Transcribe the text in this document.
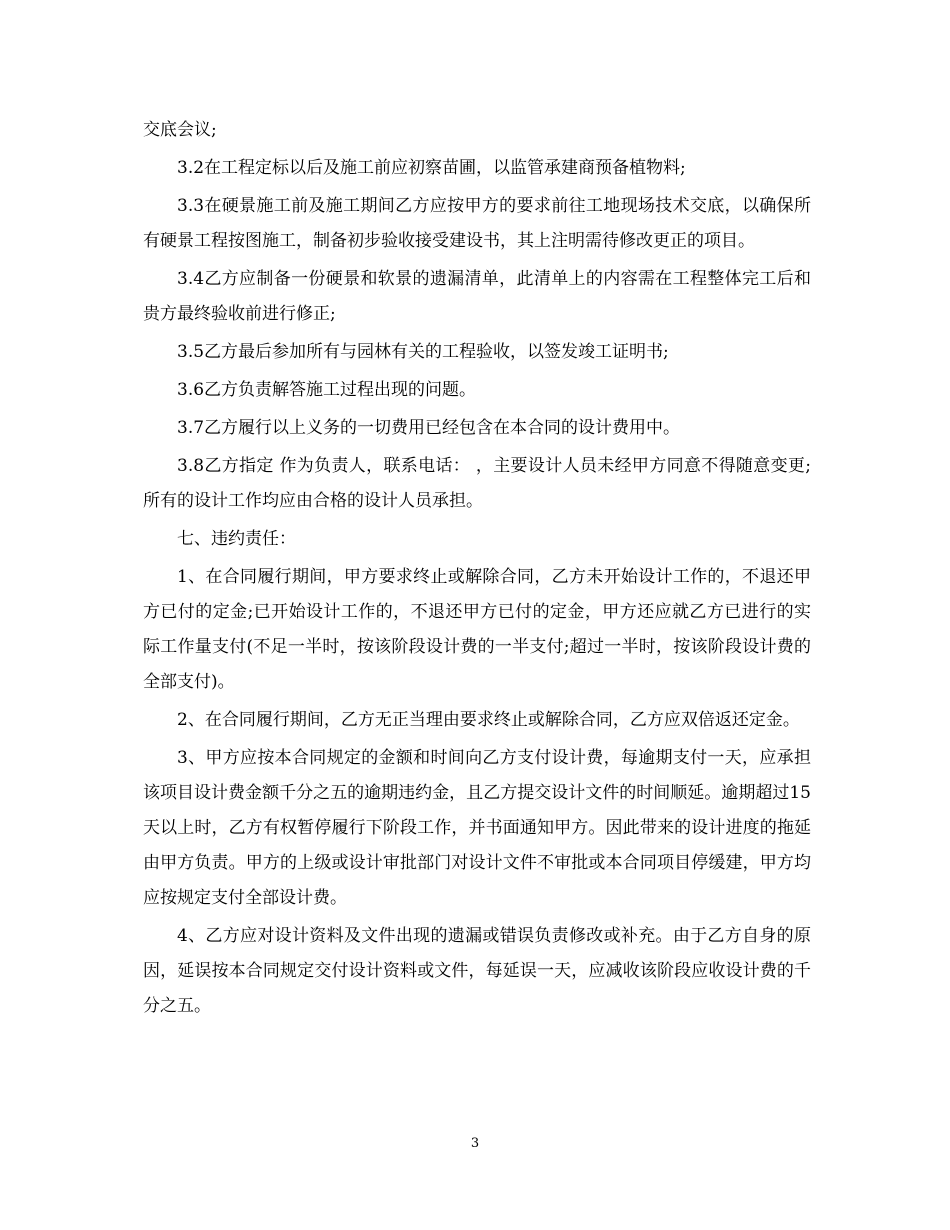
交底会议;

3.2在工程定标以后及施工前应初察苗圃，以监管承建商预备植物料;

3.3在硬景施工前及施工期间乙方应按甲方的要求前往工地现场技术交底，以确保所有硬景工程按图施工，制备初步验收接受建设书，其上注明需待修改更正的项目。

3.4乙方应制备一份硬景和软景的遗漏清单，此清单上的内容需在工程整体完工后和贵方最终验收前进行修正;

3.5乙方最后参加所有与园林有关的工程验收，以签发竣工证明书;

3.6乙方负责解答施工过程出现的问题。

3.7乙方履行以上义务的一切费用已经包含在本合同的设计费用中。

3.8乙方指定 作为负责人，联系电话： ，主要设计人员未经甲方同意不得随意变更;所有的设计工作均应由合格的设计人员承担。

七、违约责任：

1、在合同履行期间，甲方要求终止或解除合同，乙方未开始设计工作的，不退还甲方已付的定金;已开始设计工作的，不退还甲方已付的定金，甲方还应就乙方已进行的实际工作量支付(不足一半时，按该阶段设计费的一半支付;超过一半时，按该阶段设计费的全部支付)。

2、在合同履行期间，乙方无正当理由要求终止或解除合同，乙方应双倍返还定金。

3、甲方应按本合同规定的金额和时间向乙方支付设计费，每逾期支付一天，应承担该项目设计费金额千分之五的逾期违约金，且乙方提交设计文件的时间顺延。逾期超过15天以上时，乙方有权暂停履行下阶段工作，并书面通知甲方。因此带来的设计进度的拖延由甲方负责。甲方的上级或设计审批部门对设计文件不审批或本合同项目停缓建，甲方均应按规定支付全部设计费。

4、乙方应对设计资料及文件出现的遗漏或错误负责修改或补充。由于乙方自身的原因，延误按本合同规定交付设计资料或文件，每延误一天，应减收该阶段应收设计费的千分之五。

3
